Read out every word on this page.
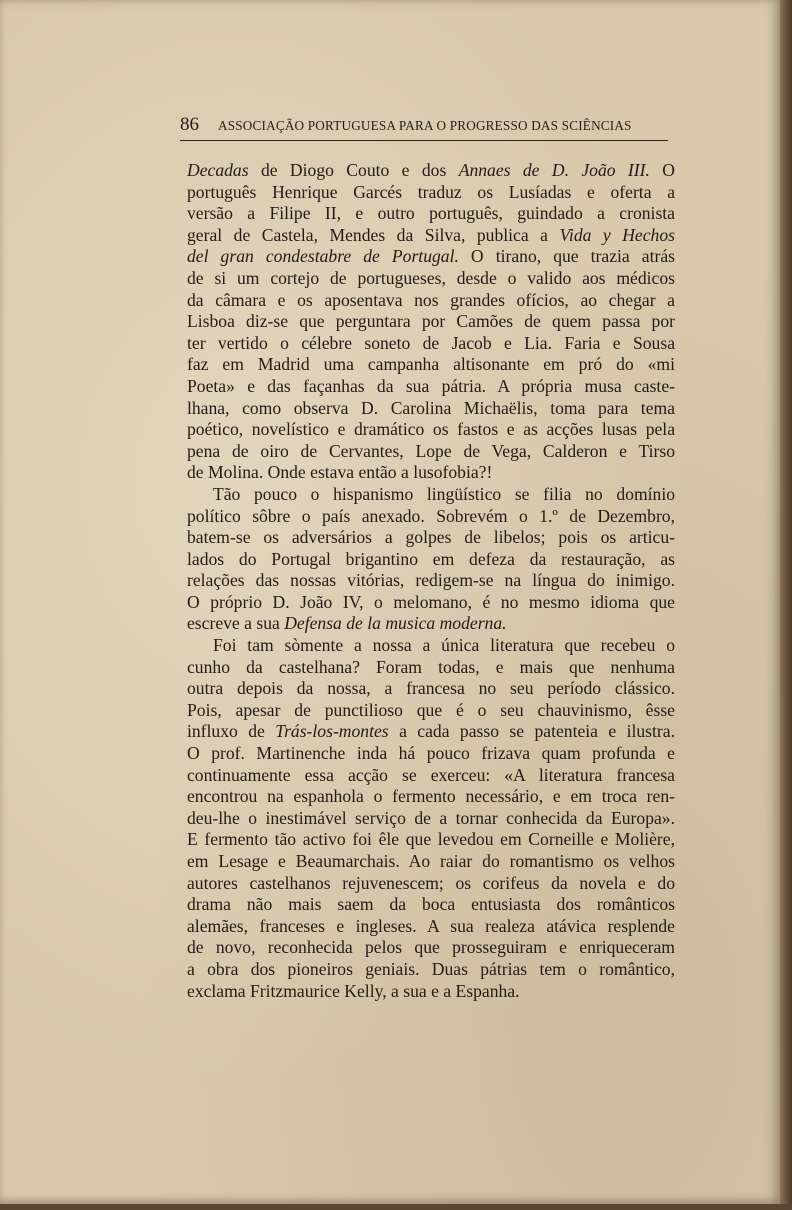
86 ASSOCIAÇÃO PORTUGUESA PARA O PROGRESSO DAS SCIÊNCIAS
Decadas de Diogo Couto e dos Annaes de D. João III. O
português Henrique Garcés traduz os Lusíadas e oferta a
versão a Filipe II, e outro português, guindado a cronista
geral de Castela, Mendes da Silva, publica a Vida y Hechos
del gran condestabre de Portugal. O tirano, que trazia atrás
de si um cortejo de portugueses, desde o valido aos médicos
da câmara e os aposentava nos grandes ofícios, ao chegar a
Lisboa diz-se que perguntara por Camões de quem passa por
ter vertido o célebre soneto de Jacob e Lia. Faria e Sousa
faz em Madrid uma campanha altisonante em pró do «mi
Poeta» e das façanhas da sua pátria. A própria musa caste-
lhana, como observa D. Carolina Michaëlis, toma para tema
poético, novelístico e dramático os fastos e as acções lusas pela
pena de oiro de Cervantes, Lope de Vega, Calderon e Tirso
de Molina. Onde estava então a lusofobia?!
Tão pouco o hispanismo lingüístico se filia no domínio
político sôbre o país anexado. Sobrevém o 1.º de Dezembro,
batem-se os adversários a golpes de libelos; pois os articu-
lados do Portugal brigantino em defeza da restauração, as
relações das nossas vitórias, redigem-se na língua do inimigo.
O próprio D. João IV, o melomano, é no mesmo idioma que
escreve a sua Defensa de la musica moderna.
Foi tam sòmente a nossa a única literatura que recebeu o
cunho da castelhana? Foram todas, e mais que nenhuma
outra depois da nossa, a francesa no seu período clássico.
Pois, apesar de punctilioso que é o seu chauvinismo, êsse
influxo de Trás-los-montes a cada passo se patenteia e ilustra.
O prof. Martinenche inda há pouco frizava quam profunda e
continuamente essa acção se exerceu: «A literatura francesa
encontrou na espanhola o fermento necessário, e em troca ren-
deu-lhe o inestimável serviço de a tornar conhecida da Europa».
E fermento tão activo foi êle que levedou em Corneille e Molière,
em Lesage e Beaumarchais. Ao raiar do romantismo os velhos
autores castelhanos rejuvenescem; os corifeus da novela e do
drama não mais saem da boca entusiasta dos românticos
alemães, franceses e ingleses. A sua realeza atávica resplende
de novo, reconhecida pelos que prosseguiram e enriqueceram
a obra dos pioneiros geniais. Duas pátrias tem o romântico,
exclama Fritzmaurice Kelly, a sua e a Espanha.
